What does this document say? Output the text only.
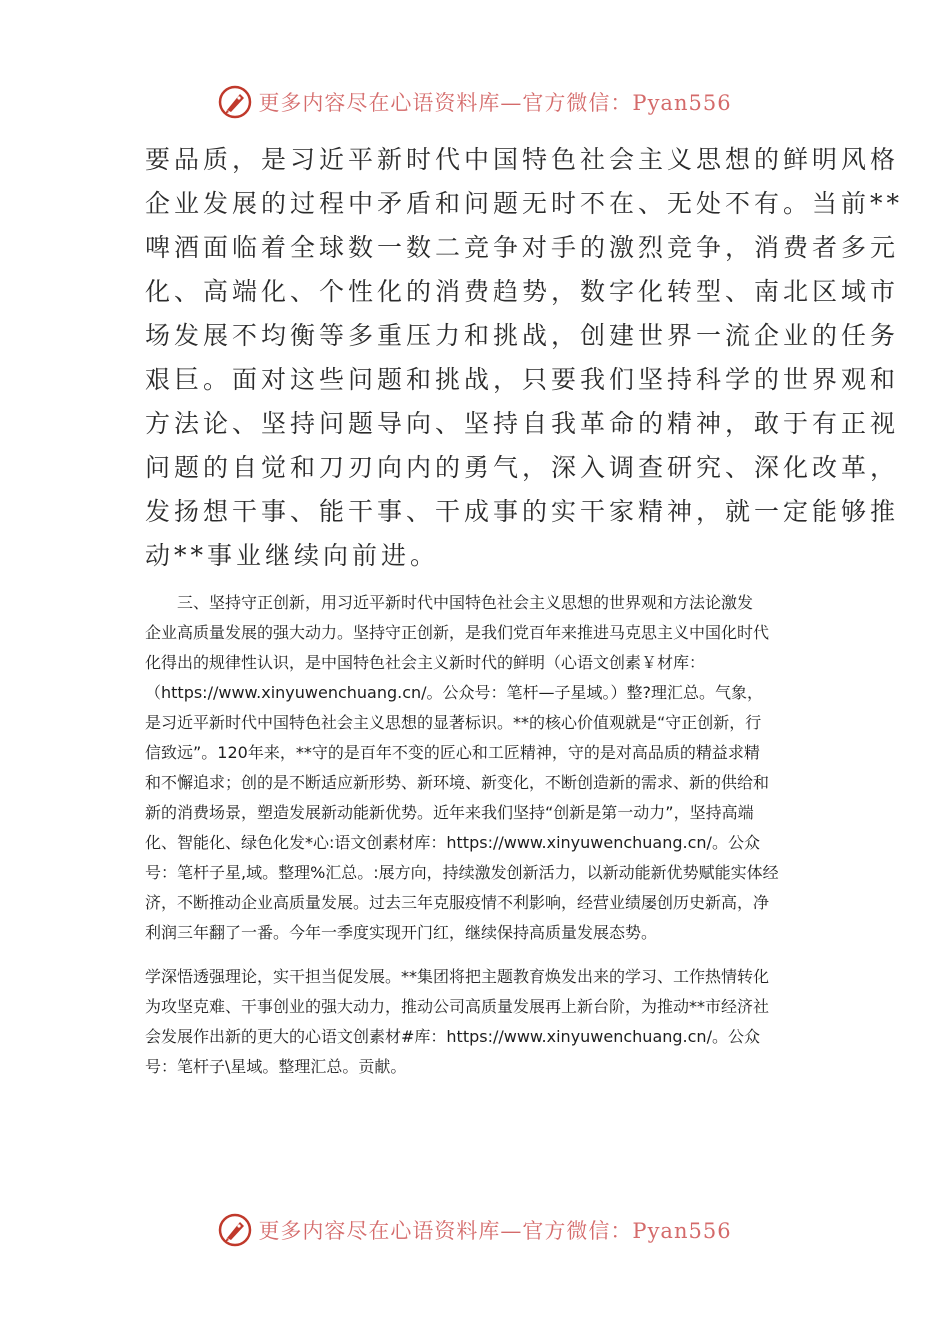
更多内容尽在心语资料库—官方微信：Pyan556
要品质，是习近平新时代中国特色社会主义思想的鲜明风格
企业发展的过程中矛盾和问题无时不在、无处不有。当前**
啤酒面临着全球数一数二竞争对手的激烈竞争，消费者多元
化、高端化、个性化的消费趋势，数字化转型、南北区域市
场发展不均衡等多重压力和挑战，创建世界一流企业的任务
艰巨。面对这些问题和挑战，只要我们坚持科学的世界观和
方法论、坚持问题导向、坚持自我革命的精神，敢于有正视
问题的自觉和刀刃向内的勇气，深入调查研究、深化改革，
发扬想干事、能干事、干成事的实干家精神，就一定能够推
动**事业继续向前进。
　　三、坚持守正创新，用习近平新时代中国特色社会主义思想的世界观和方法论激发
企业高质量发展的强大动力。坚持守正创新，是我们党百年来推进马克思主义中国化时代
化得出的规律性认识，是中国特色社会主义新时代的鲜明（心语文创素￥材库：
（https://www.xinyuwenchuang.cn/。公众号：笔杆—子星域。）整?理汇总。气象，
是习近平新时代中国特色社会主义思想的显著标识。**的核心价值观就是“守正创新，行
信致远”。120年来，**守的是百年不变的匠心和工匠精神，守的是对高品质的精益求精
和不懈追求；创的是不断适应新形势、新环境、新变化，不断创造新的需求、新的供给和
新的消费场景，塑造发展新动能新优势。近年来我们坚持“创新是第一动力”，坚持高端
化、智能化、绿色化发*心:语文创素材库：https://www.xinyuwenchuang.cn/。公众
号：笔杆子星,域。整理%汇总。:展方向，持续激发创新活力，以新动能新优势赋能实体经
济，不断推动企业高质量发展。过去三年克服疫情不利影响，经营业绩屡创历史新高，净
利润三年翻了一番。今年一季度实现开门红，继续保持高质量发展态势。
学深悟透强理论，实干担当促发展。**集团将把主题教育焕发出来的学习、工作热情转化
为攻坚克难、干事创业的强大动力，推动公司高质量发展再上新台阶，为推动**市经济社
会发展作出新的更大的心语文创素材#库：https://www.xinyuwenchuang.cn/。公众
号：笔杆子\星域。整理汇总。贡献。
更多内容尽在心语资料库—官方微信：Pyan556
